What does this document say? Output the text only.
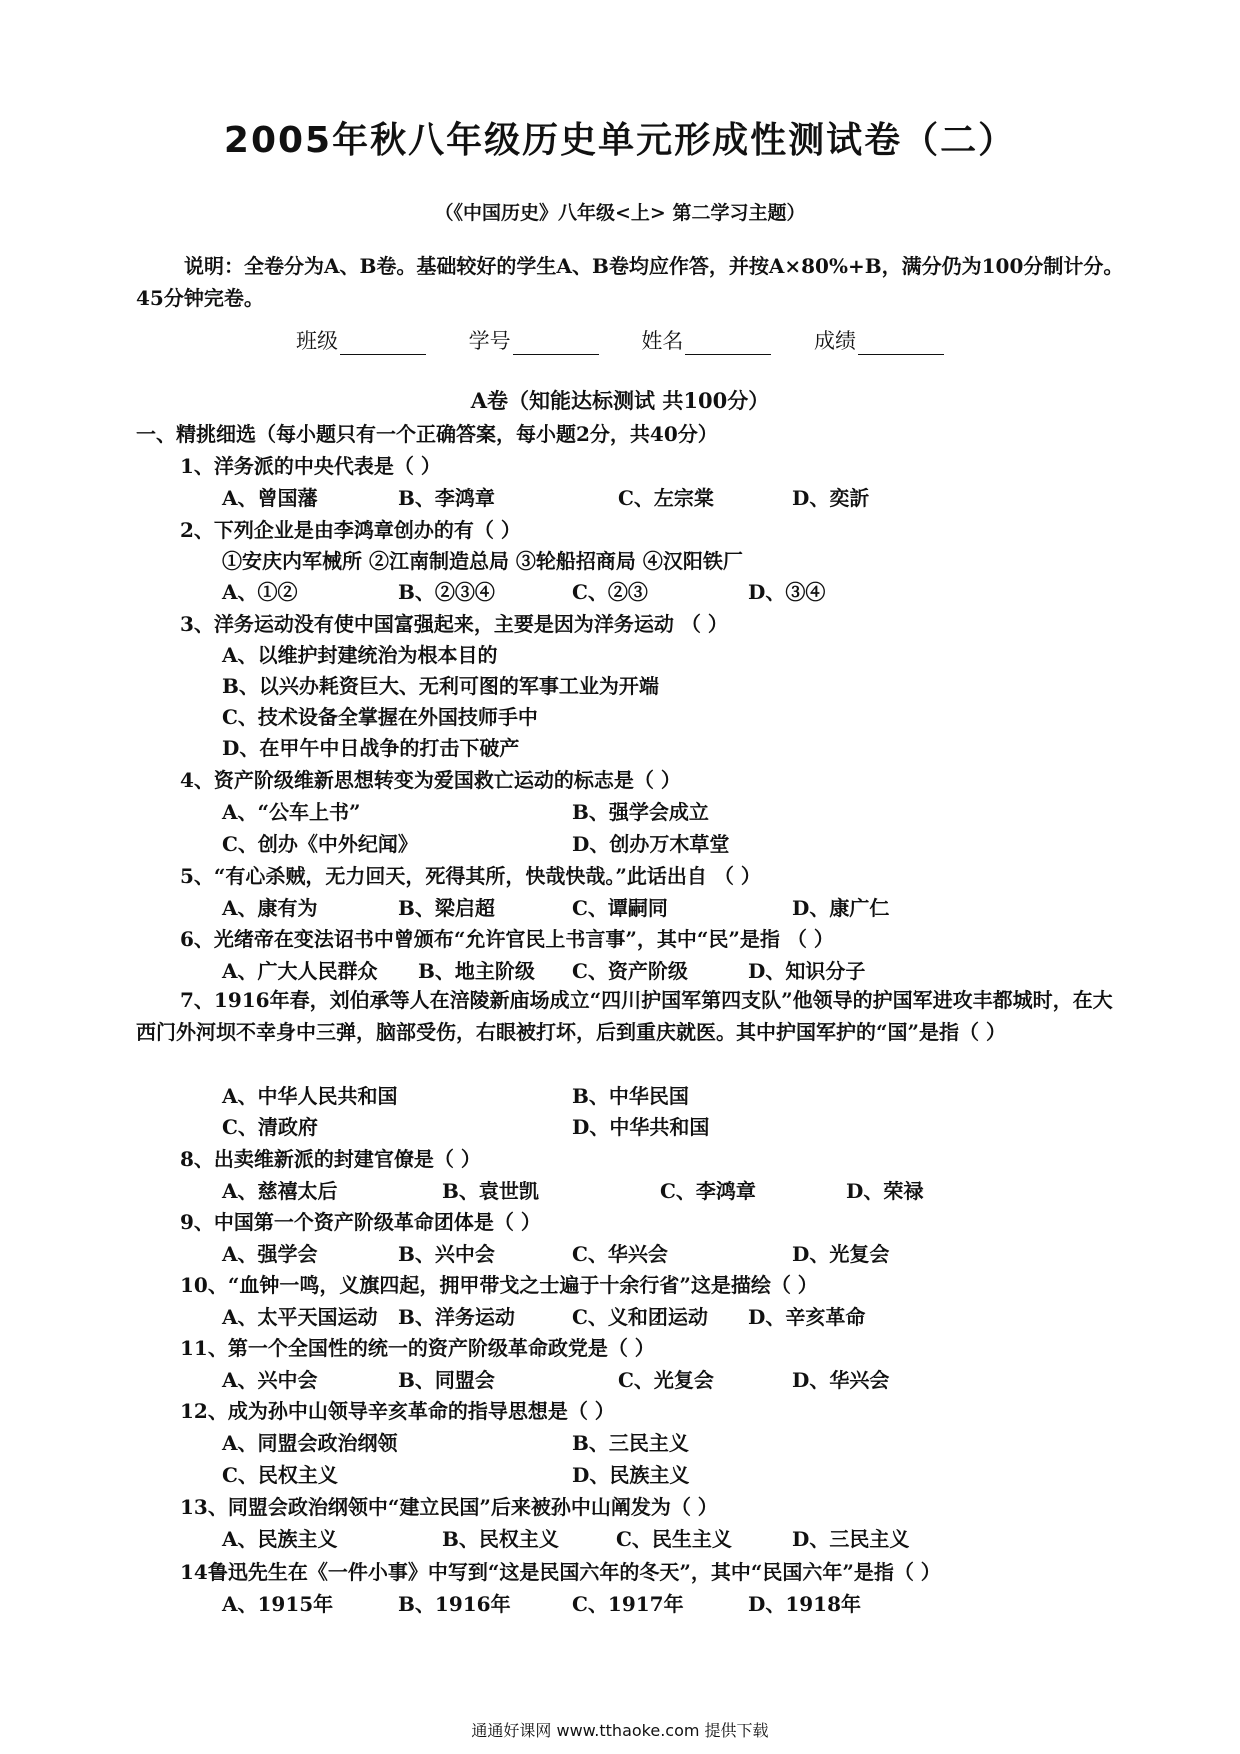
2005年秋八年级历史单元形成性测试卷（二）
（《中国历史》八年级<上> 第二学习主题）
说明：全卷分为A、B卷。基础较好的学生A、B卷均应作答，并按A×80%+B，满分仍为100分制计分。45分钟完卷。
班级	学号	姓名	成绩
A卷（知能达标测试 共100分）
一、精挑细选（每小题只有一个正确答案，每小题2分，共40分）
1、洋务派的中央代表是（ ）
A、曾国藩	B、李鸿章	C、左宗棠	D、奕訢
2、下列企业是由李鸿章创办的有（ ）
①安庆内军械所 ②江南制造总局 ③轮船招商局 ④汉阳铁厂
A、①②	B、②③④	C、②③	D、③④
3、洋务运动没有使中国富强起来，主要是因为洋务运动 （ ）
A、以维护封建统治为根本目的
B、以兴办耗资巨大、无利可图的军事工业为开端
C、技术设备全掌握在外国技师手中
D、在甲午中日战争的打击下破产
4、资产阶级维新思想转变为爱国救亡运动的标志是（ ）
A、“公车上书”	B、强学会成立
C、创办《中外纪闻》	D、创办万木草堂
5、“有心杀贼，无力回天，死得其所，快哉快哉。”此话出自 （ ）
A、康有为	B、梁启超	C、谭嗣同	D、康广仁
6、光绪帝在变法诏书中曾颁布“允许官民上书言事”，其中“民”是指 （ ）
A、广大人民群众 B、地主阶级 C、资产阶级	D、知识分子
7、1916年春，刘伯承等人在涪陵新庙场成立“四川护国军第四支队”他领导的护国军进攻丰都城时，在大西门外河坝不幸身中三弹，脑部受伤，右眼被打坏，后到重庆就医。其中护国军护的“国”是指（ ）
A、中华人民共和国	B、中华民国
C、清政府	D、中华共和国
8、出卖维新派的封建官僚是（ ）
A、慈禧太后	B、袁世凯	C、李鸿章	D、荣禄
9、中国第一个资产阶级革命团体是（ ）
A、强学会	B、兴中会	C、华兴会	D、光复会
10、“血钟一鸣，义旗四起，拥甲带戈之士遍于十余行省”这是描绘（ ）
A、太平天国运动 B、洋务运动	C、义和团运动 D、辛亥革命
11、第一个全国性的统一的资产阶级革命政党是（ ）
A、兴中会	B、同盟会	C、光复会	D、华兴会
12、成为孙中山领导辛亥革命的指导思想是（ ）
A、同盟会政治纲领	B、三民主义
C、民权主义	D、民族主义
13、同盟会政治纲领中“建立民国”后来被孙中山阐发为（ ）
A、民族主义	B、民权主义	C、民生主义	D、三民主义
14鲁迅先生在《一件小事》中写到“这是民国六年的冬天”，其中“民国六年”是指（ ）
A、1915年	B、1916年	C、1917年	D、1918年
通通好课网 www.tthaoke.com 提供下载
